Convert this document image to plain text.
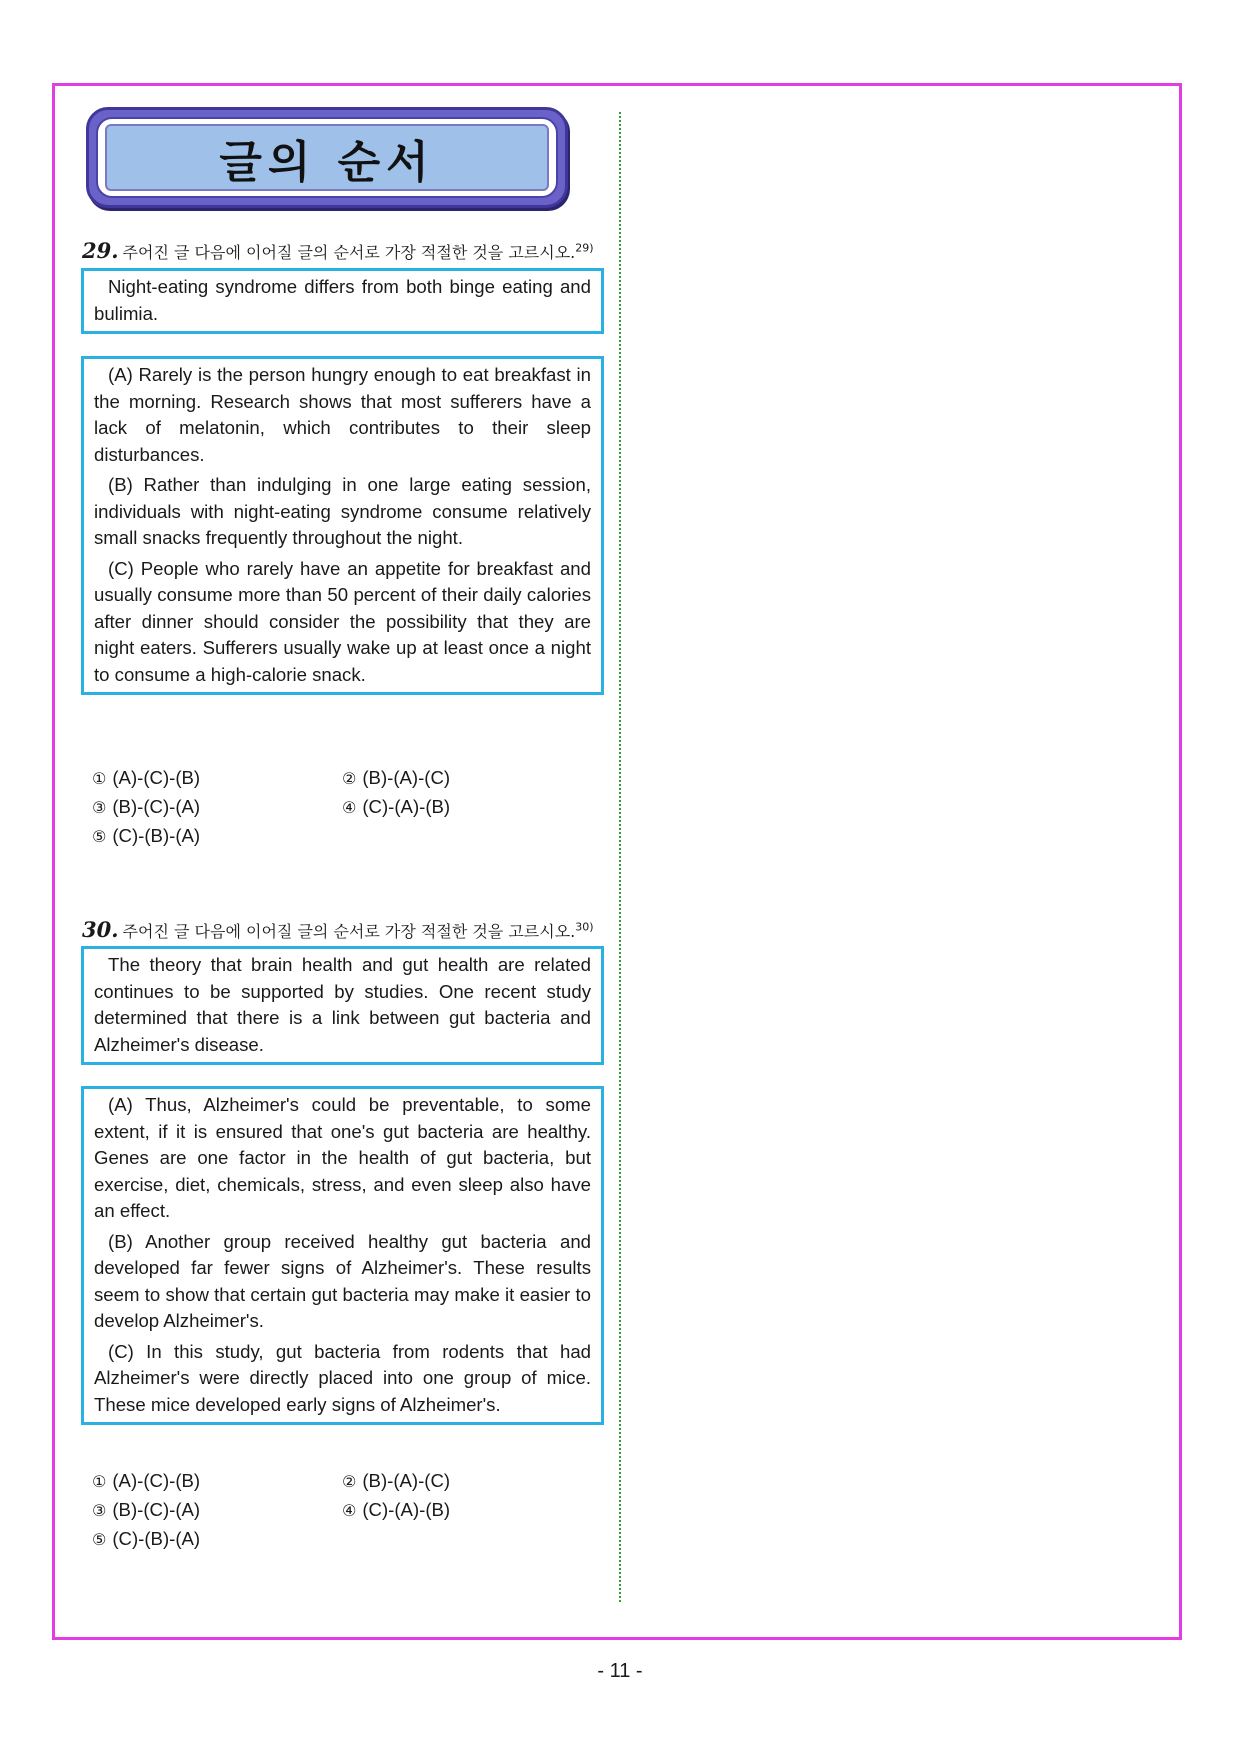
글의 순서
29. 주어진 글 다음에 이어질 글의 순서로 가장 적절한 것을 고르시오.$^{29)}$

Night-eating syndrome differs from both binge eating and bulimia.

(A) Rarely is the person hungry enough to eat breakfast in the morning. Research shows that most sufferers have a lack of melatonin, which contributes to their sleep disturbances.

(B) Rather than indulging in one large eating session, individuals with night-eating syndrome consume relatively small snacks frequently throughout the night.

(C) People who rarely have an appetite for breakfast and usually consume more than 50 percent of their daily calories after dinner should consider the possibility that they are night eaters. Sufferers usually wake up at least once a night to consume a high-calorie snack.

① (A)-(C)-(B)	② (B)-(A)-(C)
③ (B)-(C)-(A)	④ (C)-(A)-(B)
⑤ (C)-(B)-(A)
30. 주어진 글 다음에 이어질 글의 순서로 가장 적절한 것을 고르시오.$^{30)}$

The theory that brain health and gut health are related continues to be supported by studies. One recent study determined that there is a link between gut bacteria and Alzheimer's disease.

(A) Thus, Alzheimer's could be preventable, to some extent, if it is ensured that one's gut bacteria are healthy. Genes are one factor in the health of gut bacteria, but exercise, diet, chemicals, stress, and even sleep also have an effect.

(B) Another group received healthy gut bacteria and developed far fewer signs of Alzheimer's. These results seem to show that certain gut bacteria may make it easier to develop Alzheimer's.

(C) In this study, gut bacteria from rodents that had Alzheimer's were directly placed into one group of mice. These mice developed early signs of Alzheimer's.

① (A)-(C)-(B)	② (B)-(A)-(C)
③ (B)-(C)-(A)	④ (C)-(A)-(B)
⑤ (C)-(B)-(A)
- 11 -
